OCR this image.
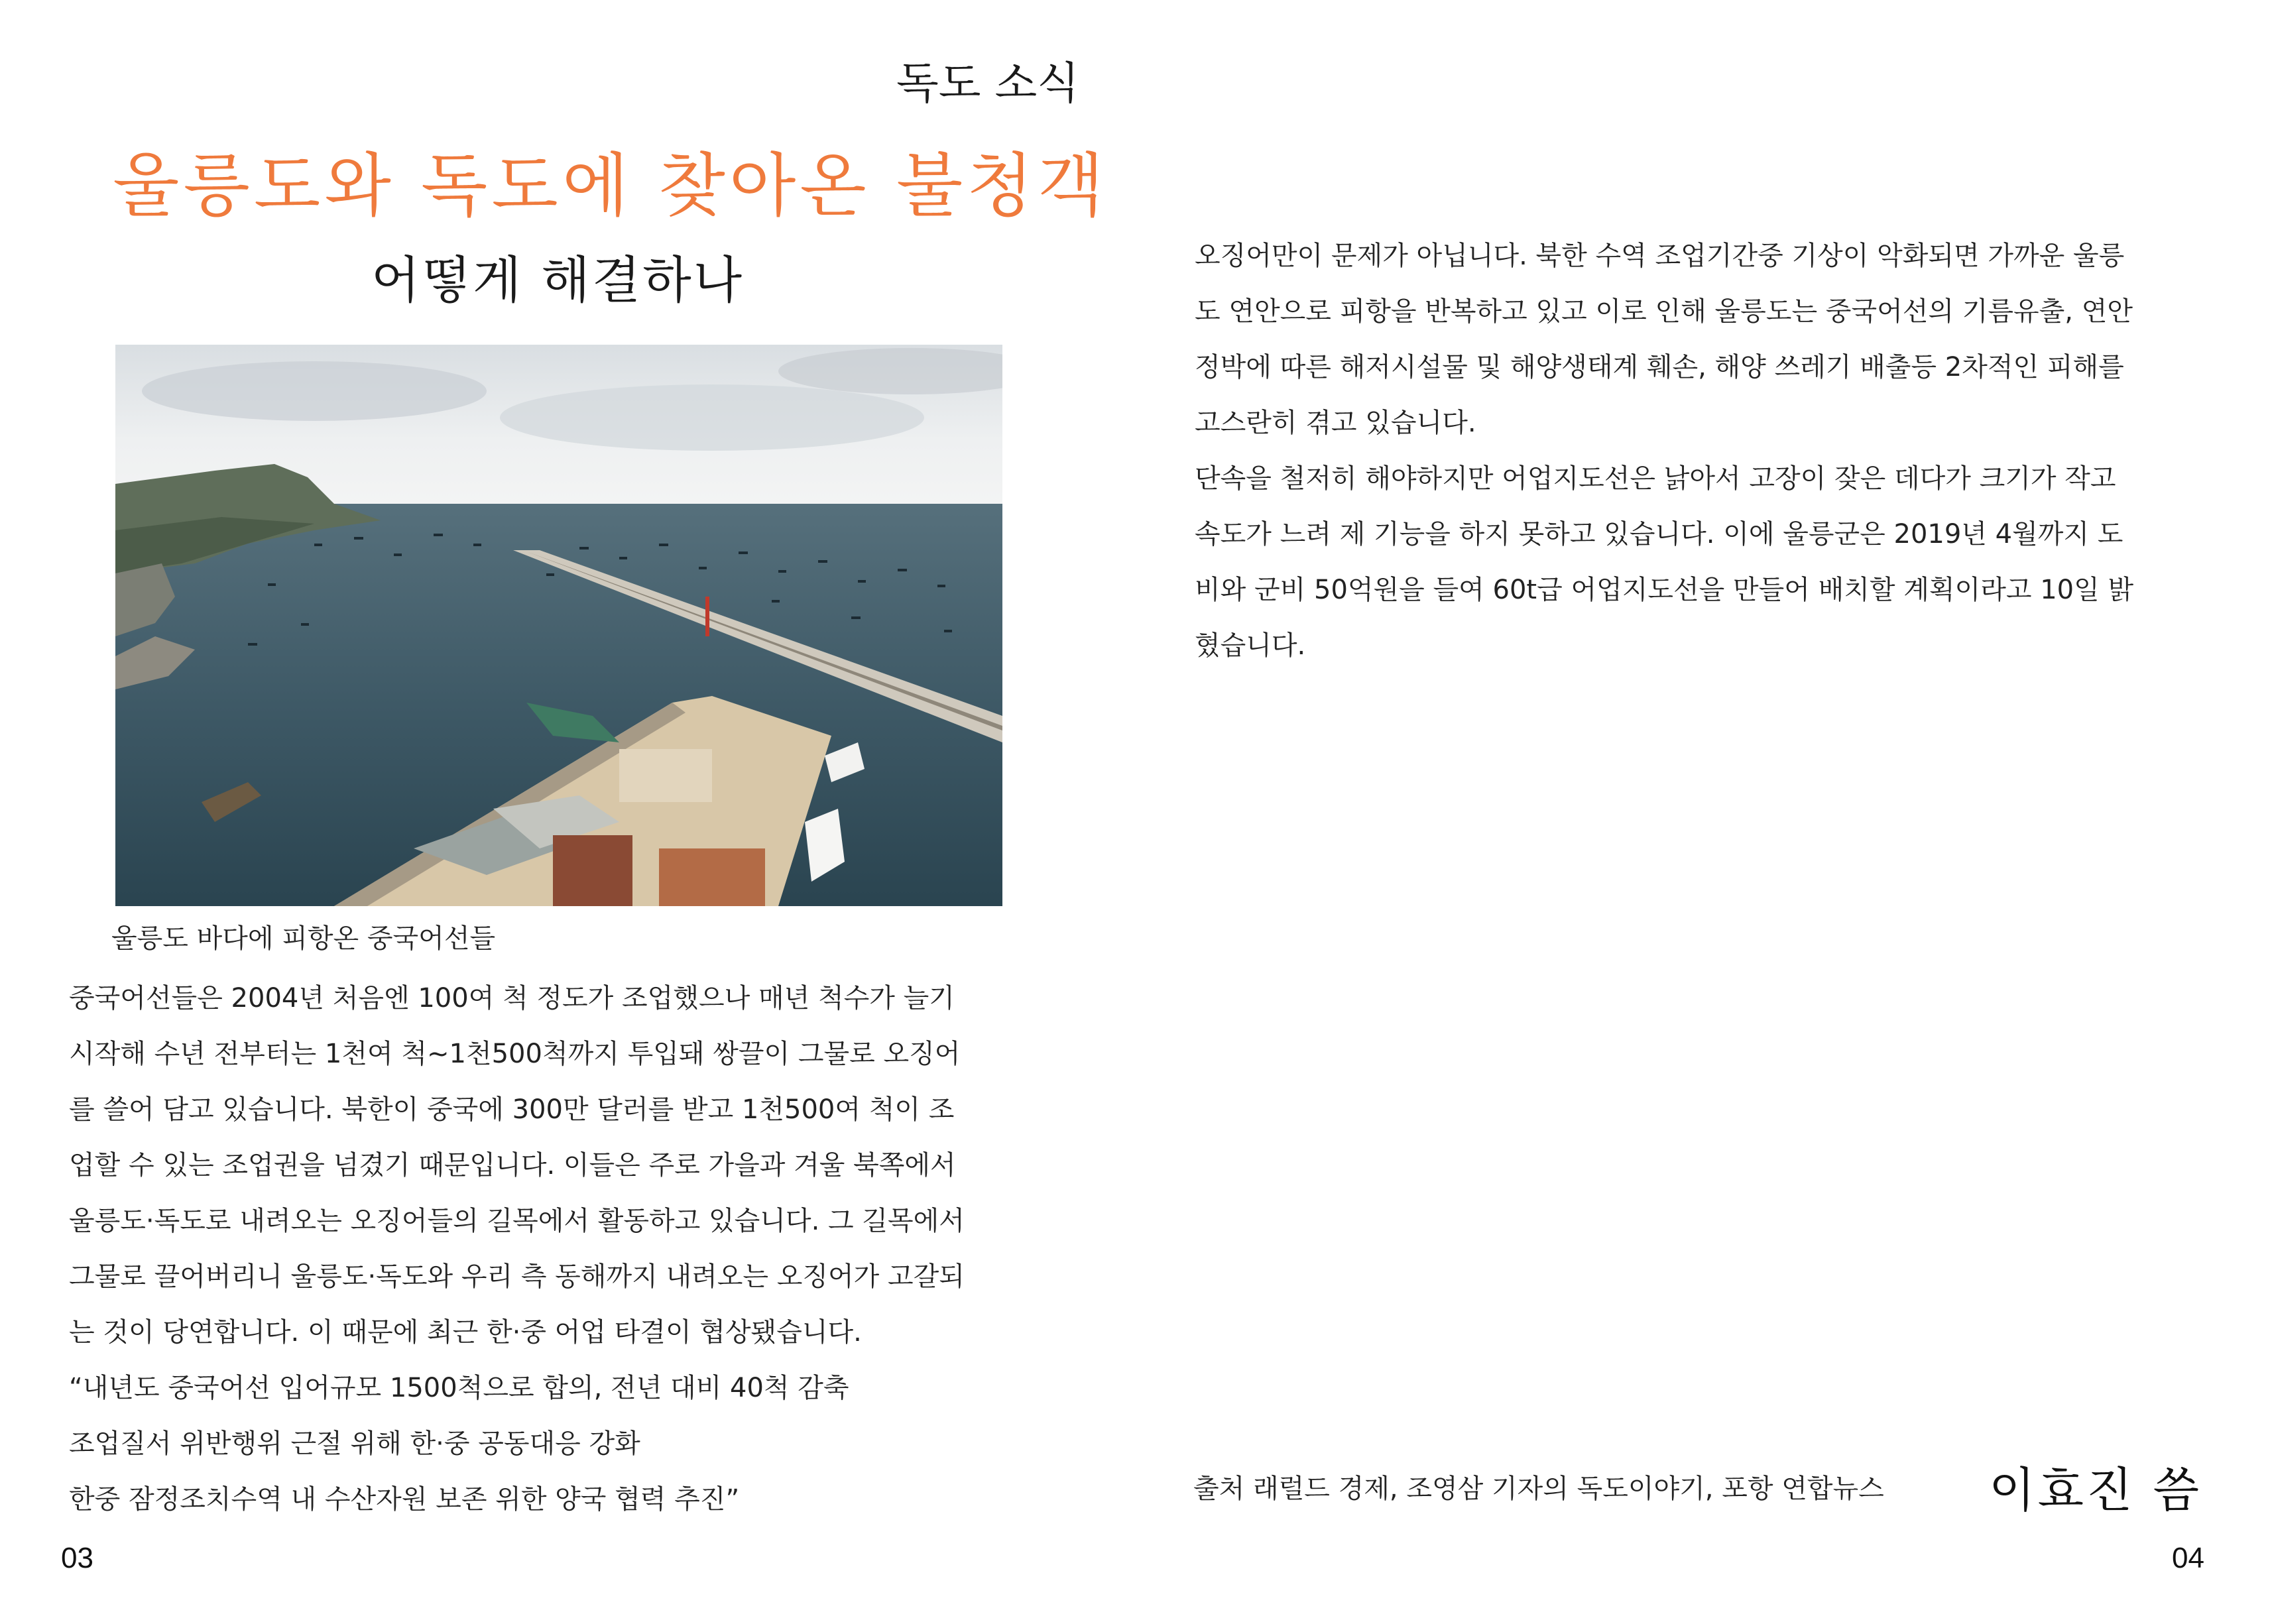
독도 소식
울릉도와 독도에 찾아온 불청객
어떻게 해결하나
울릉도 바다에 피항온 중국어선들
중국어선들은 2004년 처음엔 100여 척 정도가 조업했으나 매년 척수가 늘기
시작해 수년 전부터는 1천여 척~1천500척까지 투입돼 쌍끌이 그물로 오징어
를 쓸어 담고 있습니다. 북한이 중국에 300만 달러를 받고 1천500여 척이 조
업할 수 있는 조업권을 넘겼기 때문입니다. 이들은 주로 가을과 겨울 북쪽에서
울릉도·독도로 내려오는 오징어들의 길목에서 활동하고 있습니다. 그 길목에서
그물로 끌어버리니 울릉도·독도와 우리 측 동해까지 내려오는 오징어가 고갈되
는 것이 당연합니다. 이 때문에 최근 한·중 어업 타결이 협상됐습니다.
“내년도 중국어선 입어규모 1500척으로 합의, 전년 대비 40척 감축
조업질서 위반행위 근절 위해 한·중 공동대응 강화
한중 잠정조치수역 내 수산자원 보존 위한 양국 협력 추진”
오징어만이 문제가 아닙니다. 북한 수역 조업기간중 기상이 악화되면 가까운 울릉
도 연안으로 피항을 반복하고 있고 이로 인해 울릉도는 중국어선의 기름유출, 연안
정박에 따른 해저시설물 및 해양생태계 훼손, 해양 쓰레기 배출등 2차적인 피해를
고스란히 겪고 있습니다.
단속을 철저히 해야하지만 어업지도선은 낡아서 고장이 잦은 데다가 크기가 작고
속도가 느려 제 기능을 하지 못하고 있습니다. 이에 울릉군은 2019년 4월까지 도
비와 군비 50억원을 들여 60t급 어업지도선을 만들어 배치할 계획이라고 10일 밝
혔습니다.
출처 래럴드 경제, 조영삼 기자의 독도이야기, 포항 연합뉴스 이효진 씀
03	04
